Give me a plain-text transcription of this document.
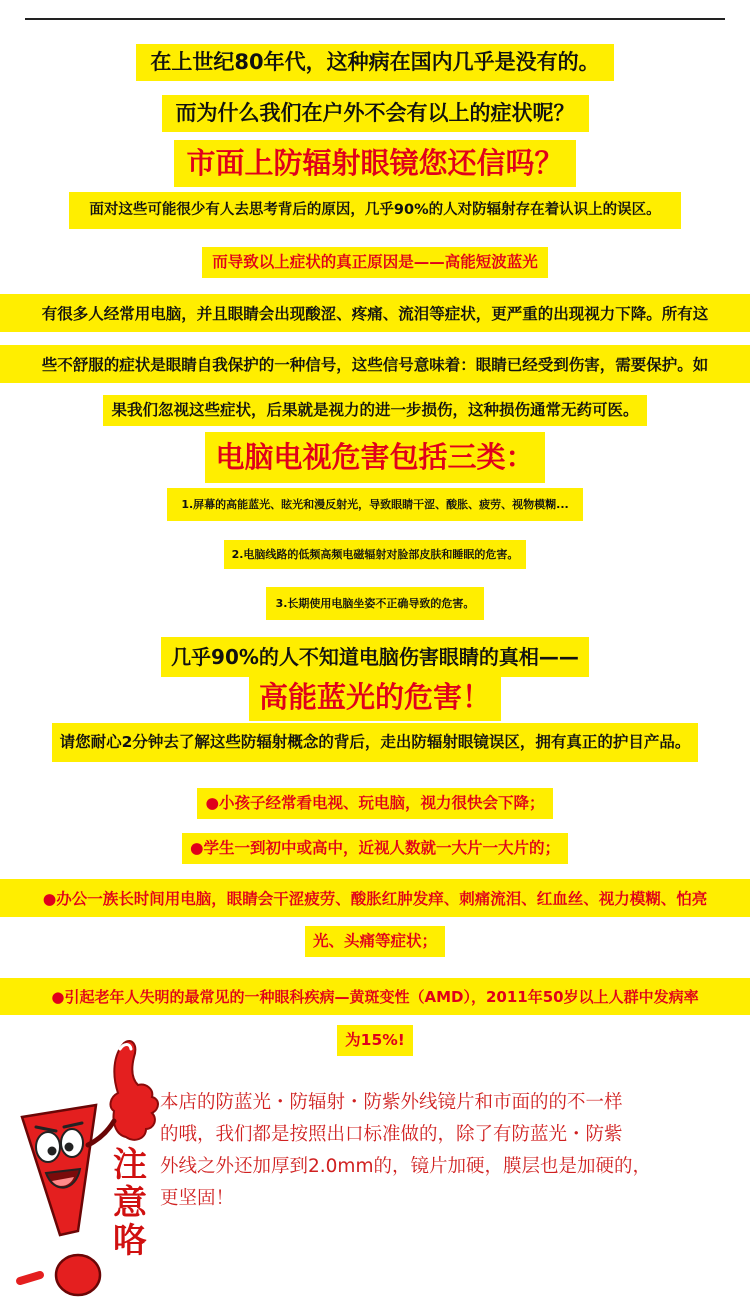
在上世纪80年代，这种病在国内几乎是没有的。
而为什么我们在户外不会有以上的症状呢？
市面上防辐射眼镜您还信吗？
面对这些可能很少有人去思考背后的原因，几乎90%的人对防辐射存在着认识上的误区。
而导致以上症状的真正原因是——高能短波蓝光
有很多人经常用电脑，并且眼睛会出现酸涩、疼痛、流泪等症状，更严重的出现视力下降。所有这
些不舒服的症状是眼睛自我保护的一种信号，这些信号意味着：眼睛已经受到伤害，需要保护。如
果我们忽视这些症状，后果就是视力的进一步损伤，这种损伤通常无药可医。
电脑电视危害包括三类：
1.屏幕的高能蓝光、眩光和漫反射光，导致眼睛干涩、酸胀、疲劳、视物模糊...
2.电脑线路的低频高频电磁辐射对脸部皮肤和睡眠的危害。
3.长期使用电脑坐姿不正确导致的危害。
几乎90%的人不知道电脑伤害眼睛的真相——
高能蓝光的危害！
请您耐心2分钟去了解这些防辐射概念的背后，走出防辐射眼镜误区，拥有真正的护目产品。
●小孩子经常看电视、玩电脑，视力很快会下降；
●学生一到初中或高中，近视人数就一大片一大片的；
●办公一族长时间用电脑，眼睛会干涩疲劳、酸胀红肿发痒、刺痛流泪、红血丝、视力模糊、怕亮
光、头痛等症状；
●引起老年人失明的最常见的一种眼科疾病—黄斑变性（AMD），2011年50岁以上人群中发病率
为15%!
注
意
咯
本店的防蓝光・防辐射・防紫外线镜片和市面的的不一样
的哦，我们都是按照出口标准做的，除了有防蓝光・防紫
外线之外还加厚到2.0mm的，镜片加硬，膜层也是加硬的，
更坚固！
